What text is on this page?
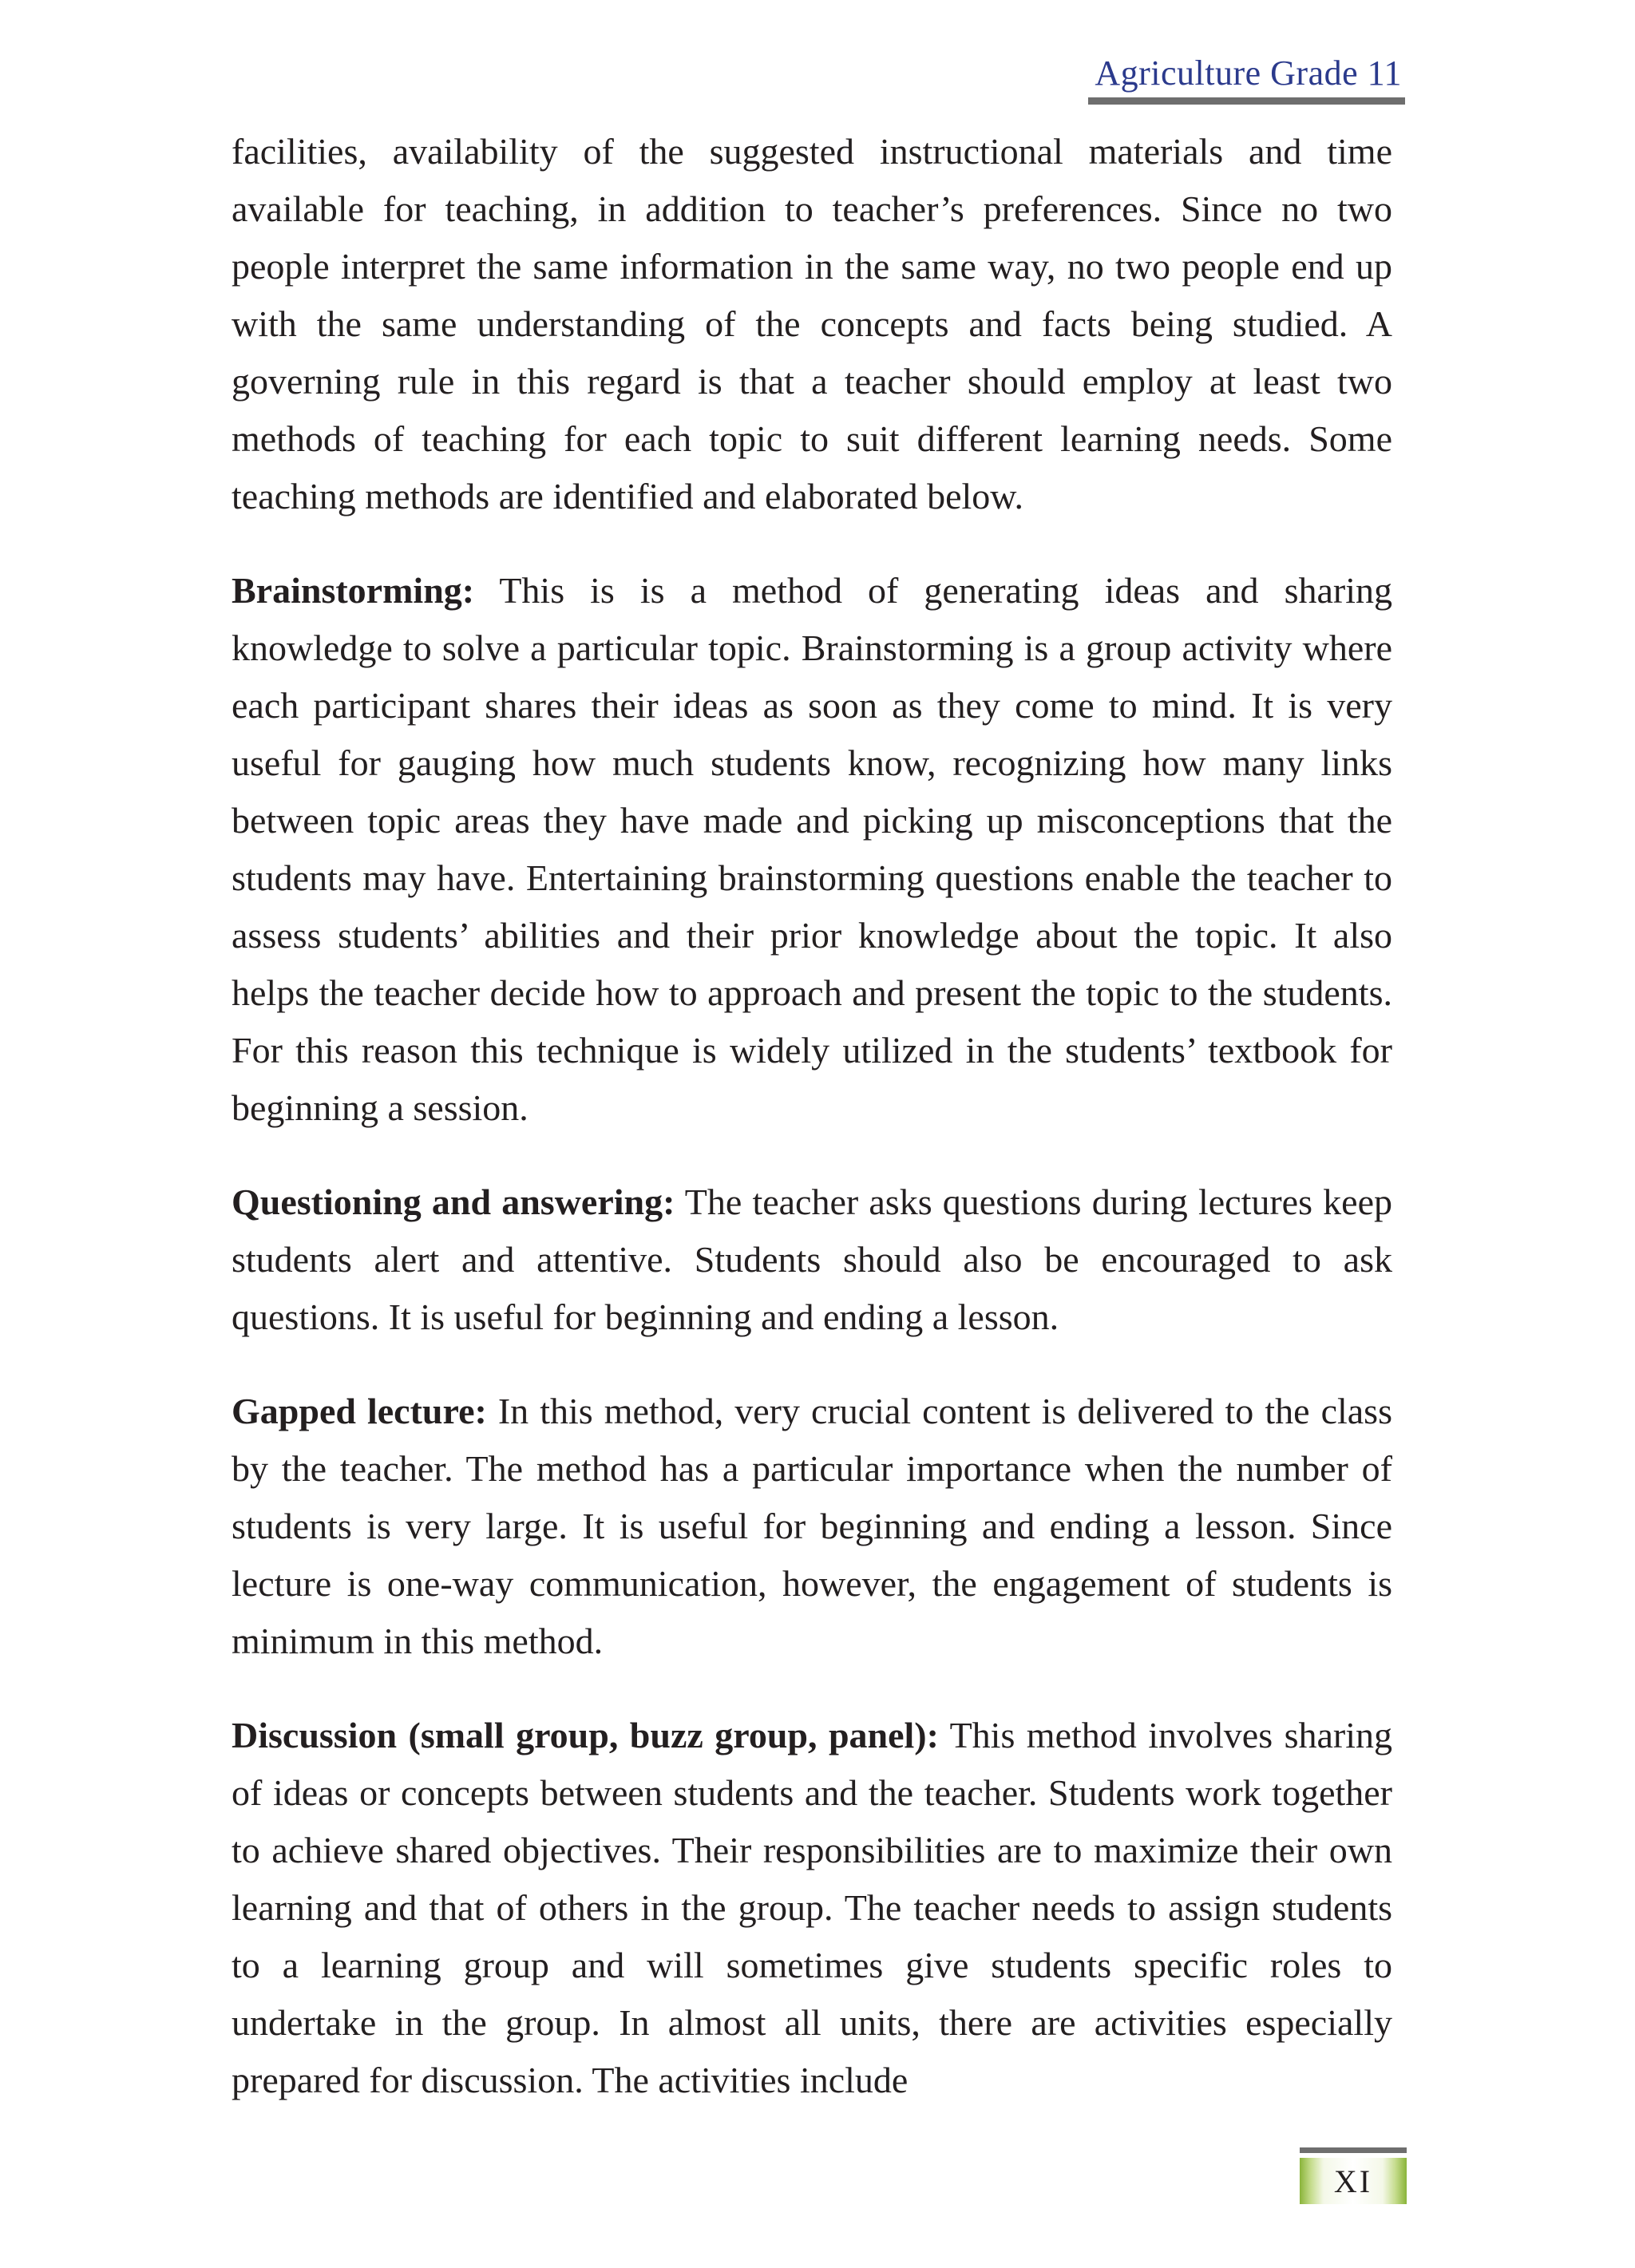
Agriculture Grade 11

facilities, availability of the suggested instructional materials and time available for teaching, in addition to teacher’s preferences. Since no two people interpret the same information in the same way, no two people end up with the same understanding of the concepts and facts being studied. A governing rule in this regard is that a teacher should employ at least two methods of teaching for each topic to suit different learning needs. Some teaching methods are identified and elaborated below.

Brainstorming: This is is a method of generating ideas and sharing knowledge to solve a particular topic. Brainstorming is a group activity where each participant shares their ideas as soon as they come to mind. It is very useful for gauging how much students know, recognizing how many links between topic areas they have made and picking up misconceptions that the students may have. Entertaining brainstorming questions enable the teacher to assess students’ abilities and their prior knowledge about the topic. It also helps the teacher decide how to approach and present the topic to the students. For this reason this technique is widely utilized in the students’ textbook for beginning a session.

Questioning and answering: The teacher asks questions during lectures keep students alert and attentive. Students should also be encouraged to ask questions. It is useful for beginning and ending a lesson.

Gapped lecture: In this method, very crucial content is delivered to the class by the teacher. The method has a particular importance when the number of students is very large. It is useful for beginning and ending a lesson. Since lecture is one-way communication, however, the engagement of students is minimum in this method.

Discussion (small group, buzz group, panel): This method involves sharing of ideas or concepts between students and the teacher. Students work together to achieve shared objectives. Their responsibilities are to maximize their own learning and that of others in the group. The teacher needs to assign students to a learning group and will sometimes give students specific roles to undertake in the group. In almost all units, there are activities especially prepared for discussion. The activities include

XI
